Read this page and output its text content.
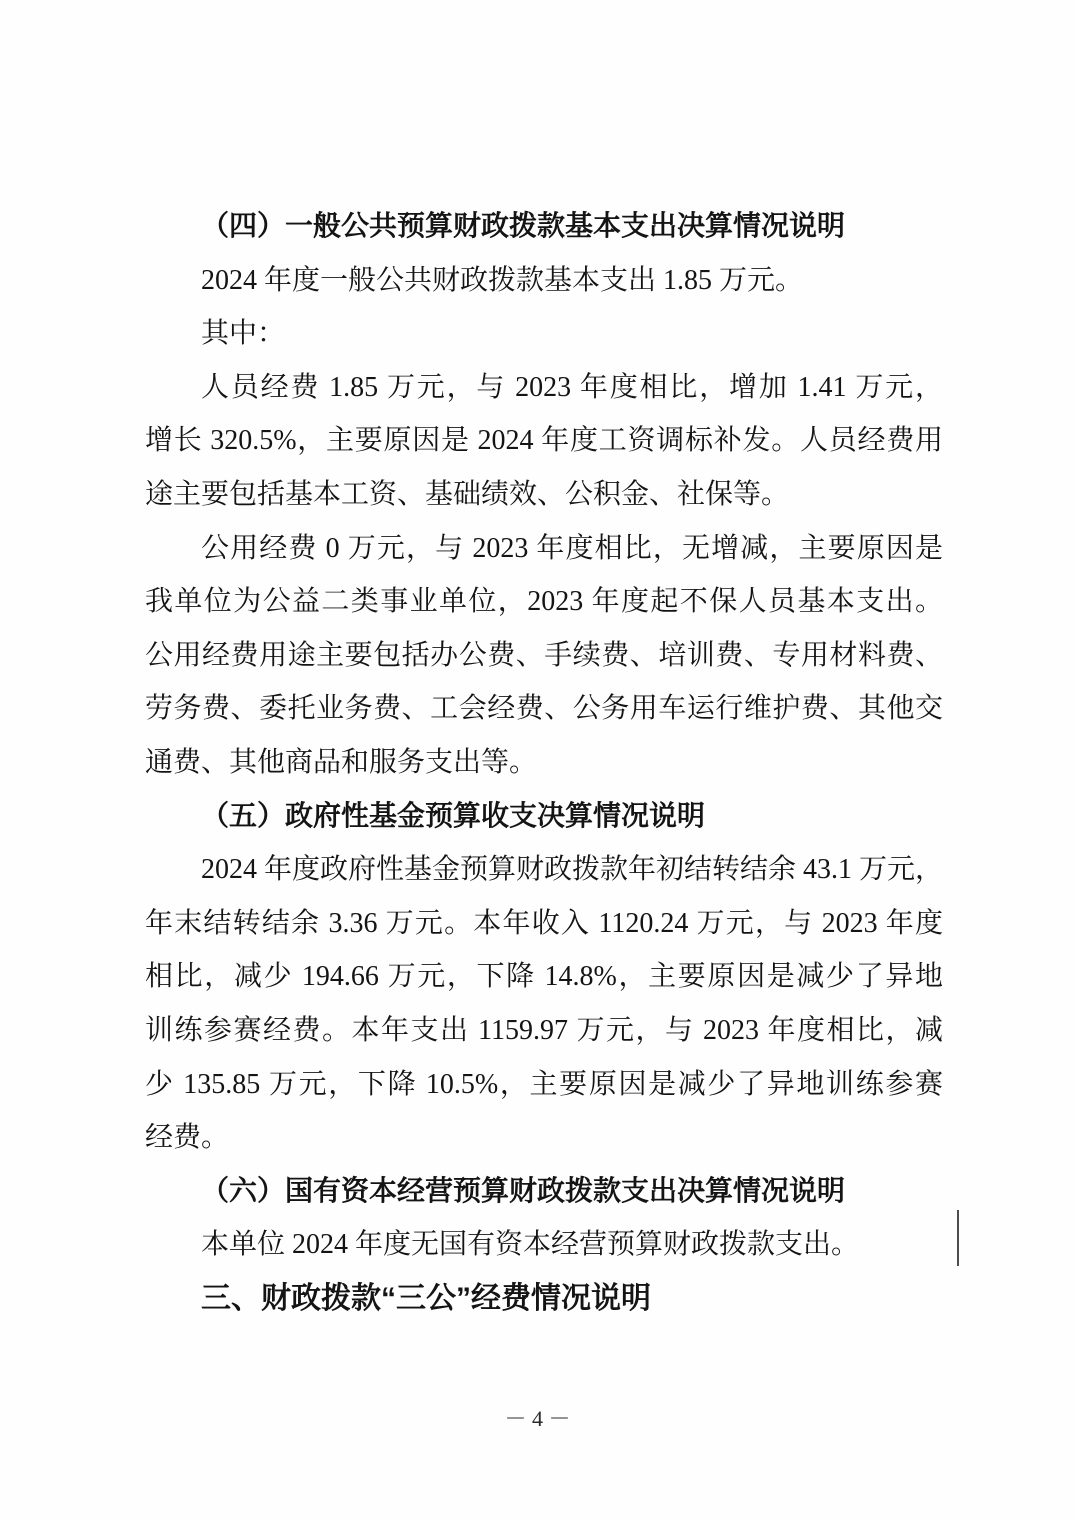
（四）一般公共预算财政拨款基本支出决算情况说明
2024 年度一般公共财政拨款基本支出 1.85 万元。
其中：
人员经费 1.85 万元，与 2023 年度相比，增加 1.41 万元，
增长 320.5%，主要原因是 2024 年度工资调标补发。人员经费用
途主要包括基本工资、基础绩效、公积金、社保等。
公用经费 0 万元，与 2023 年度相比，无增减，主要原因是
我单位为公益二类事业单位，2023 年度起不保人员基本支出。
公用经费用途主要包括办公费、手续费、培训费、专用材料费、
劳务费、委托业务费、工会经费、公务用车运行维护费、其他交
通费、其他商品和服务支出等。
（五）政府性基金预算收支决算情况说明
2024 年度政府性基金预算财政拨款年初结转结余 43.1 万元，
年末结转结余 3.36 万元。本年收入 1120.24 万元，与 2023 年度
相比，减少 194.66 万元，下降 14.8%，主要原因是减少了异地
训练参赛经费。本年支出 1159.97 万元，与 2023 年度相比，减
少 135.85 万元，下降 10.5%，主要原因是减少了异地训练参赛
经费。
（六）国有资本经营预算财政拨款支出决算情况说明
本单位 2024 年度无国有资本经营预算财政拨款支出。
三、财政拨款“三公”经费情况说明
－ 4 －
